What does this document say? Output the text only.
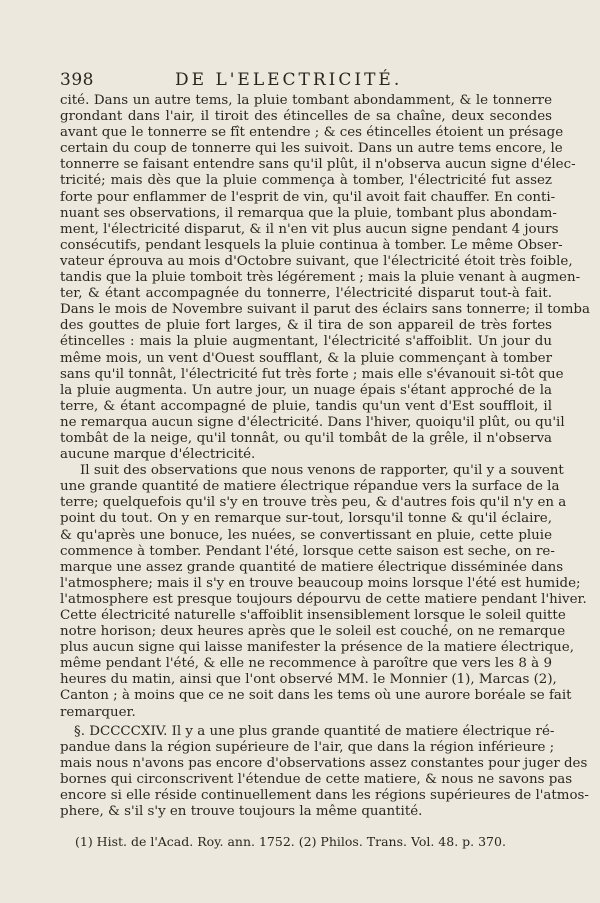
398	DE L'ELECTRICITÉ.
cité. Dans un autre tems, la pluie tombant abondamment, & le tonnerre
grondant dans l'air, il tiroit des étincelles de sa chaîne, deux secondes
avant que le tonnerre se fît entendre ; & ces étincelles étoient un présage
certain du coup de tonnerre qui les suivoit. Dans un autre tems encore, le
tonnerre se faisant entendre sans qu'il plût, il n'observa aucun signe d'élec-
tricité; mais dès que la pluie commença à tomber, l'électricité fut assez
forte pour enflammer de l'esprit de vin, qu'il avoit fait chauffer. En conti-
nuant ses observations, il remarqua que la pluie, tombant plus abondam-
ment, l'électricité disparut, & il n'en vit plus aucun signe pendant 4 jours
consécutifs, pendant lesquels la pluie continua à tomber. Le même Obser-
vateur éprouva au mois d'Octobre suivant, que l'électricité étoit très foible,
tandis que la pluie tomboit très légérement ; mais la pluie venant à augmen-
ter, & étant accompagnée du tonnerre, l'électricité disparut tout-à fait.
Dans le mois de Novembre suivant il parut des éclairs sans tonnerre; il tomba
des gouttes de pluie fort larges, & il tira de son appareil de très fortes
étincelles : mais la pluie augmentant, l'électricité s'affoiblit. Un jour du
même mois, un vent d'Ouest soufflant, & la pluie commençant à tomber
sans qu'il tonnât, l'électricité fut très forte ; mais elle s'évanouit si-tôt que
la pluie augmenta. Un autre jour, un nuage épais s'étant approché de la
terre, & étant accompagné de pluie, tandis qu'un vent d'Est souffloit, il
ne remarqua aucun signe d'électricité. Dans l'hiver, quoiqu'il plût, ou qu'il
tombât de la neige, qu'il tonnât, ou qu'il tombât de la grêle, il n'observa
aucune marque d'électricité.
Il suit des observations que nous venons de rapporter, qu'il y a souvent
une grande quantité de matiere électrique répandue vers la surface de la
terre; quelquefois qu'il s'y en trouve très peu, & d'autres fois qu'il n'y en a
point du tout. On y en remarque sur-tout, lorsqu'il tonne & qu'il éclaire,
& qu'après une bonuce, les nuées, se convertissant en pluie, cette pluie
commence à tomber. Pendant l'été, lorsque cette saison est seche, on re-
marque une assez grande quantité de matiere électrique disséminée dans
l'atmosphere; mais il s'y en trouve beaucoup moins lorsque l'été est humide;
l'atmosphere est presque toujours dépourvu de cette matiere pendant l'hiver.
Cette électricité naturelle s'affoiblit insensiblement lorsque le soleil quitte
notre horison; deux heures après que le soleil est couché, on ne remarque
plus aucun signe qui laisse manifester la présence de la matiere électrique,
même pendant l'été, & elle ne recommence à paroître que vers les 8 à 9
heures du matin, ainsi que l'ont observé MM. le Monnier (1), Marcas (2),
Canton ; à moins que ce ne soit dans les tems où une aurore boréale se fait
remarquer.
§. DCCCCXIV. Il y a une plus grande quantité de matiere électrique ré-
pandue dans la région supérieure de l'air, que dans la région inférieure ;
mais nous n'avons pas encore d'observations assez constantes pour juger des
bornes qui circonscrivent l'étendue de cette matiere, & nous ne savons pas
encore si elle réside continuellement dans les régions supérieures de l'atmos-
phere, & s'il s'y en trouve toujours la même quantité.
(1) Hist. de l'Acad. Roy. ann. 1752. (2) Philos. Trans. Vol. 48. p. 370.
